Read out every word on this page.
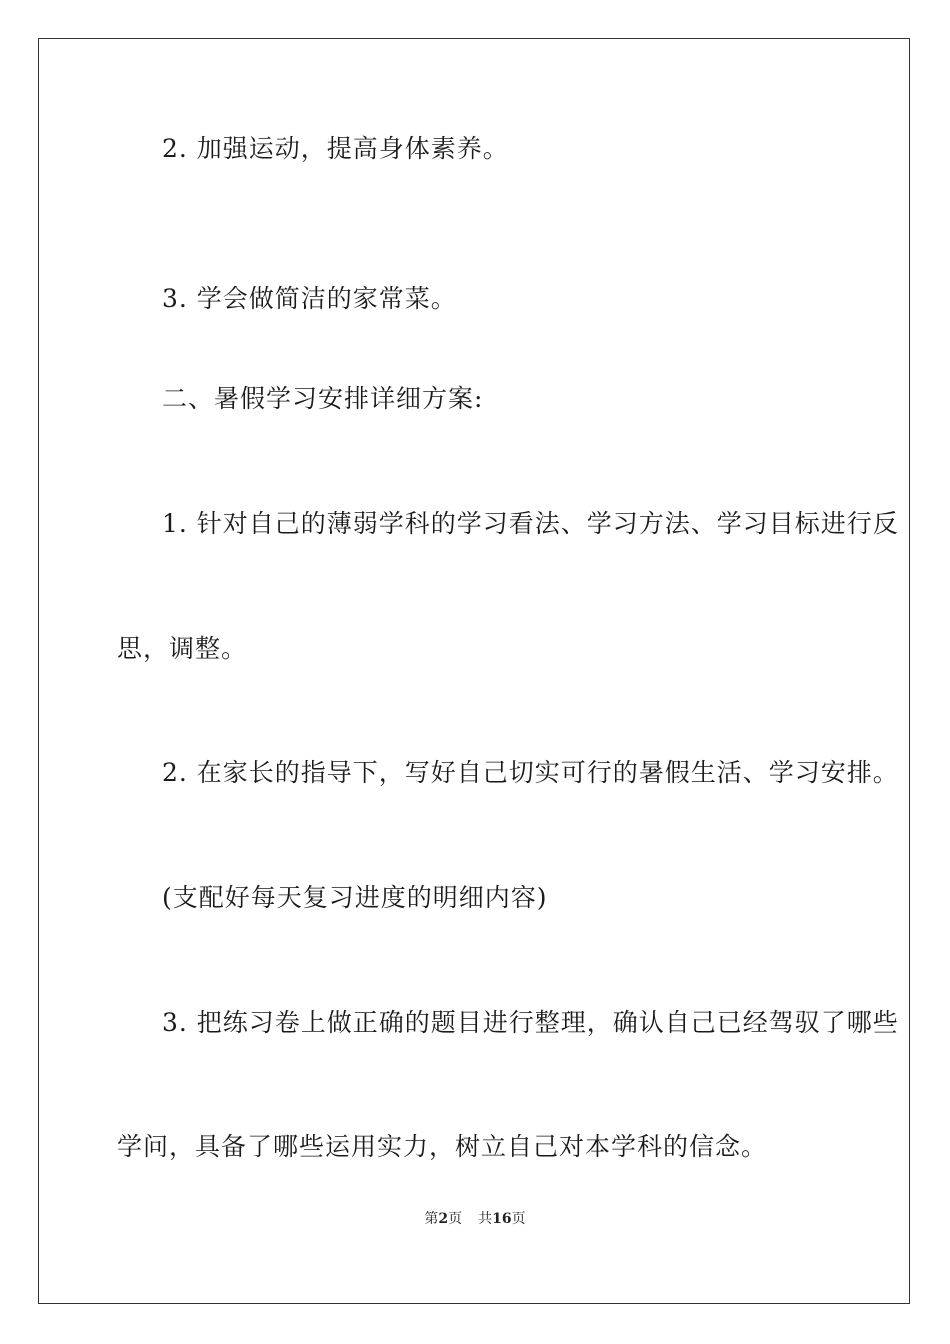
2. 加强运动，提高身体素养。
3. 学会做简洁的家常菜。
二、暑假学习安排详细方案:
1. 针对自己的薄弱学科的学习看法、学习方法、学习目标进行反
思，调整。
2. 在家长的指导下，写好自己切实可行的暑假生活、学习安排。
(支配好每天复习进度的明细内容)
3. 把练习卷上做正确的题目进行整理，确认自己已经驾驭了哪些
学问，具备了哪些运用实力，树立自己对本学科的信念。
第2页 共16页
